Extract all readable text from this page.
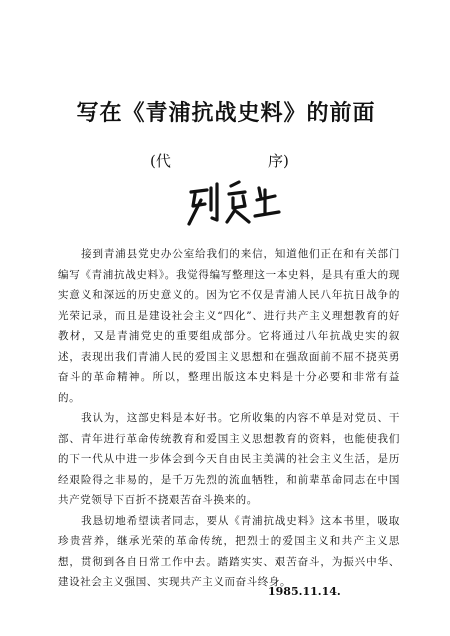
写在《青浦抗战史料》的前面
(代	序)

接到青浦县党史办公室给我们的来信，知道他们正在和有关部门编写《青浦抗战史料》。我觉得编写整理这一本史料，是具有重大的现实意义和深远的历史意义的。因为它不仅是青浦人民八年抗日战争的光荣记录，而且是建设社会主义“四化”、进行共产主义理想教育的好教材，又是青浦党史的重要组成部分。它将通过八年抗战史实的叙述，表现出我们青浦人民的爱国主义思想和在强敌面前不屈不挠英勇奋斗的革命精神。所以，整理出版这本史料是十分必要和非常有益的。

我认为，这部史料是本好书。它所收集的内容不单是对党员、干部、青年进行革命传统教育和爱国主义思想教育的资料，也能使我们的下一代从中进一步体会到今天自由民主美满的社会主义生活，是历经艰险得之非易的，是千万先烈的流血牺牲，和前辈革命同志在中国共产党领导下百折不挠艰苦奋斗换来的。

我恳切地希望读者同志，要从《青浦抗战史料》这本书里，吸取珍贵营养，继承光荣的革命传统，把烈士的爱国主义和共产主义思想，贯彻到各自日常工作中去。踏踏实实、艰苦奋斗，为振兴中华、建设社会主义强国、实现共产主义而奋斗终身。

1985.11.14.
